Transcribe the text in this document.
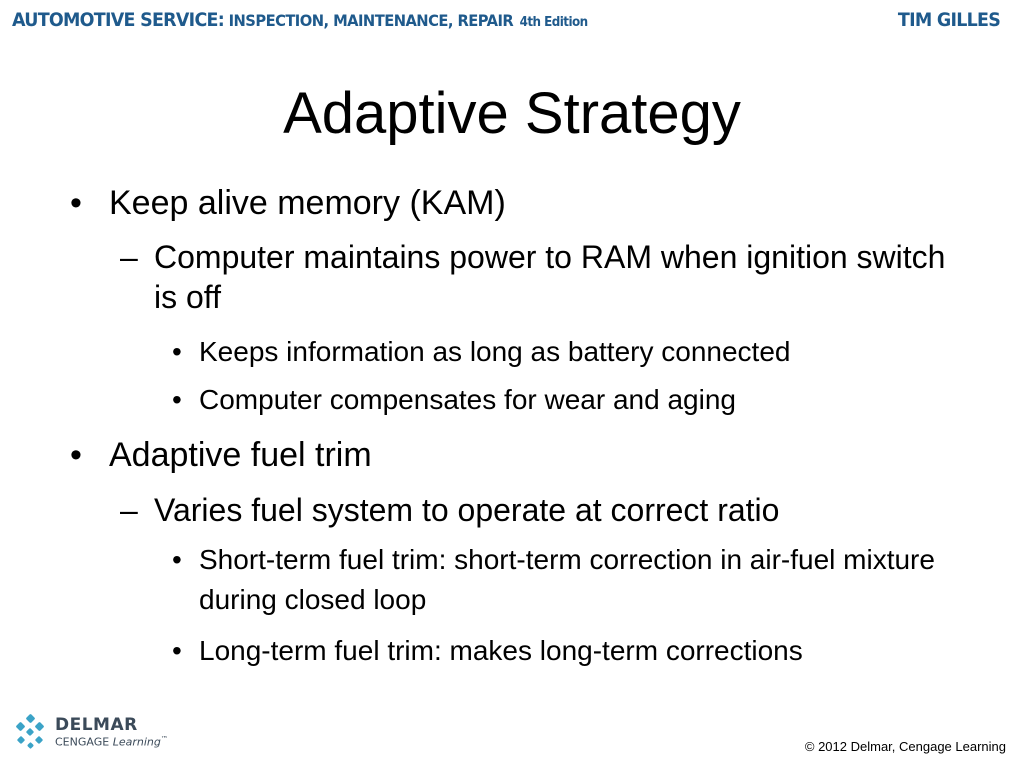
AUTOMOTIVE SERVICE: INSPECTION, MAINTENANCE, REPAIR 4th Edition	TIM GILLES
Adaptive Strategy
• Keep alive memory (KAM)
– Computer maintains power to RAM when ignition switch is off
• Keeps information as long as battery connected
• Computer compensates for wear and aging
• Adaptive fuel trim
– Varies fuel system to operate at correct ratio
• Short-term fuel trim: short-term correction in air-fuel mixture during closed loop
• Long-term fuel trim: makes long-term corrections
DELMAR
CENGAGE Learning™	© 2012 Delmar, Cengage Learning
